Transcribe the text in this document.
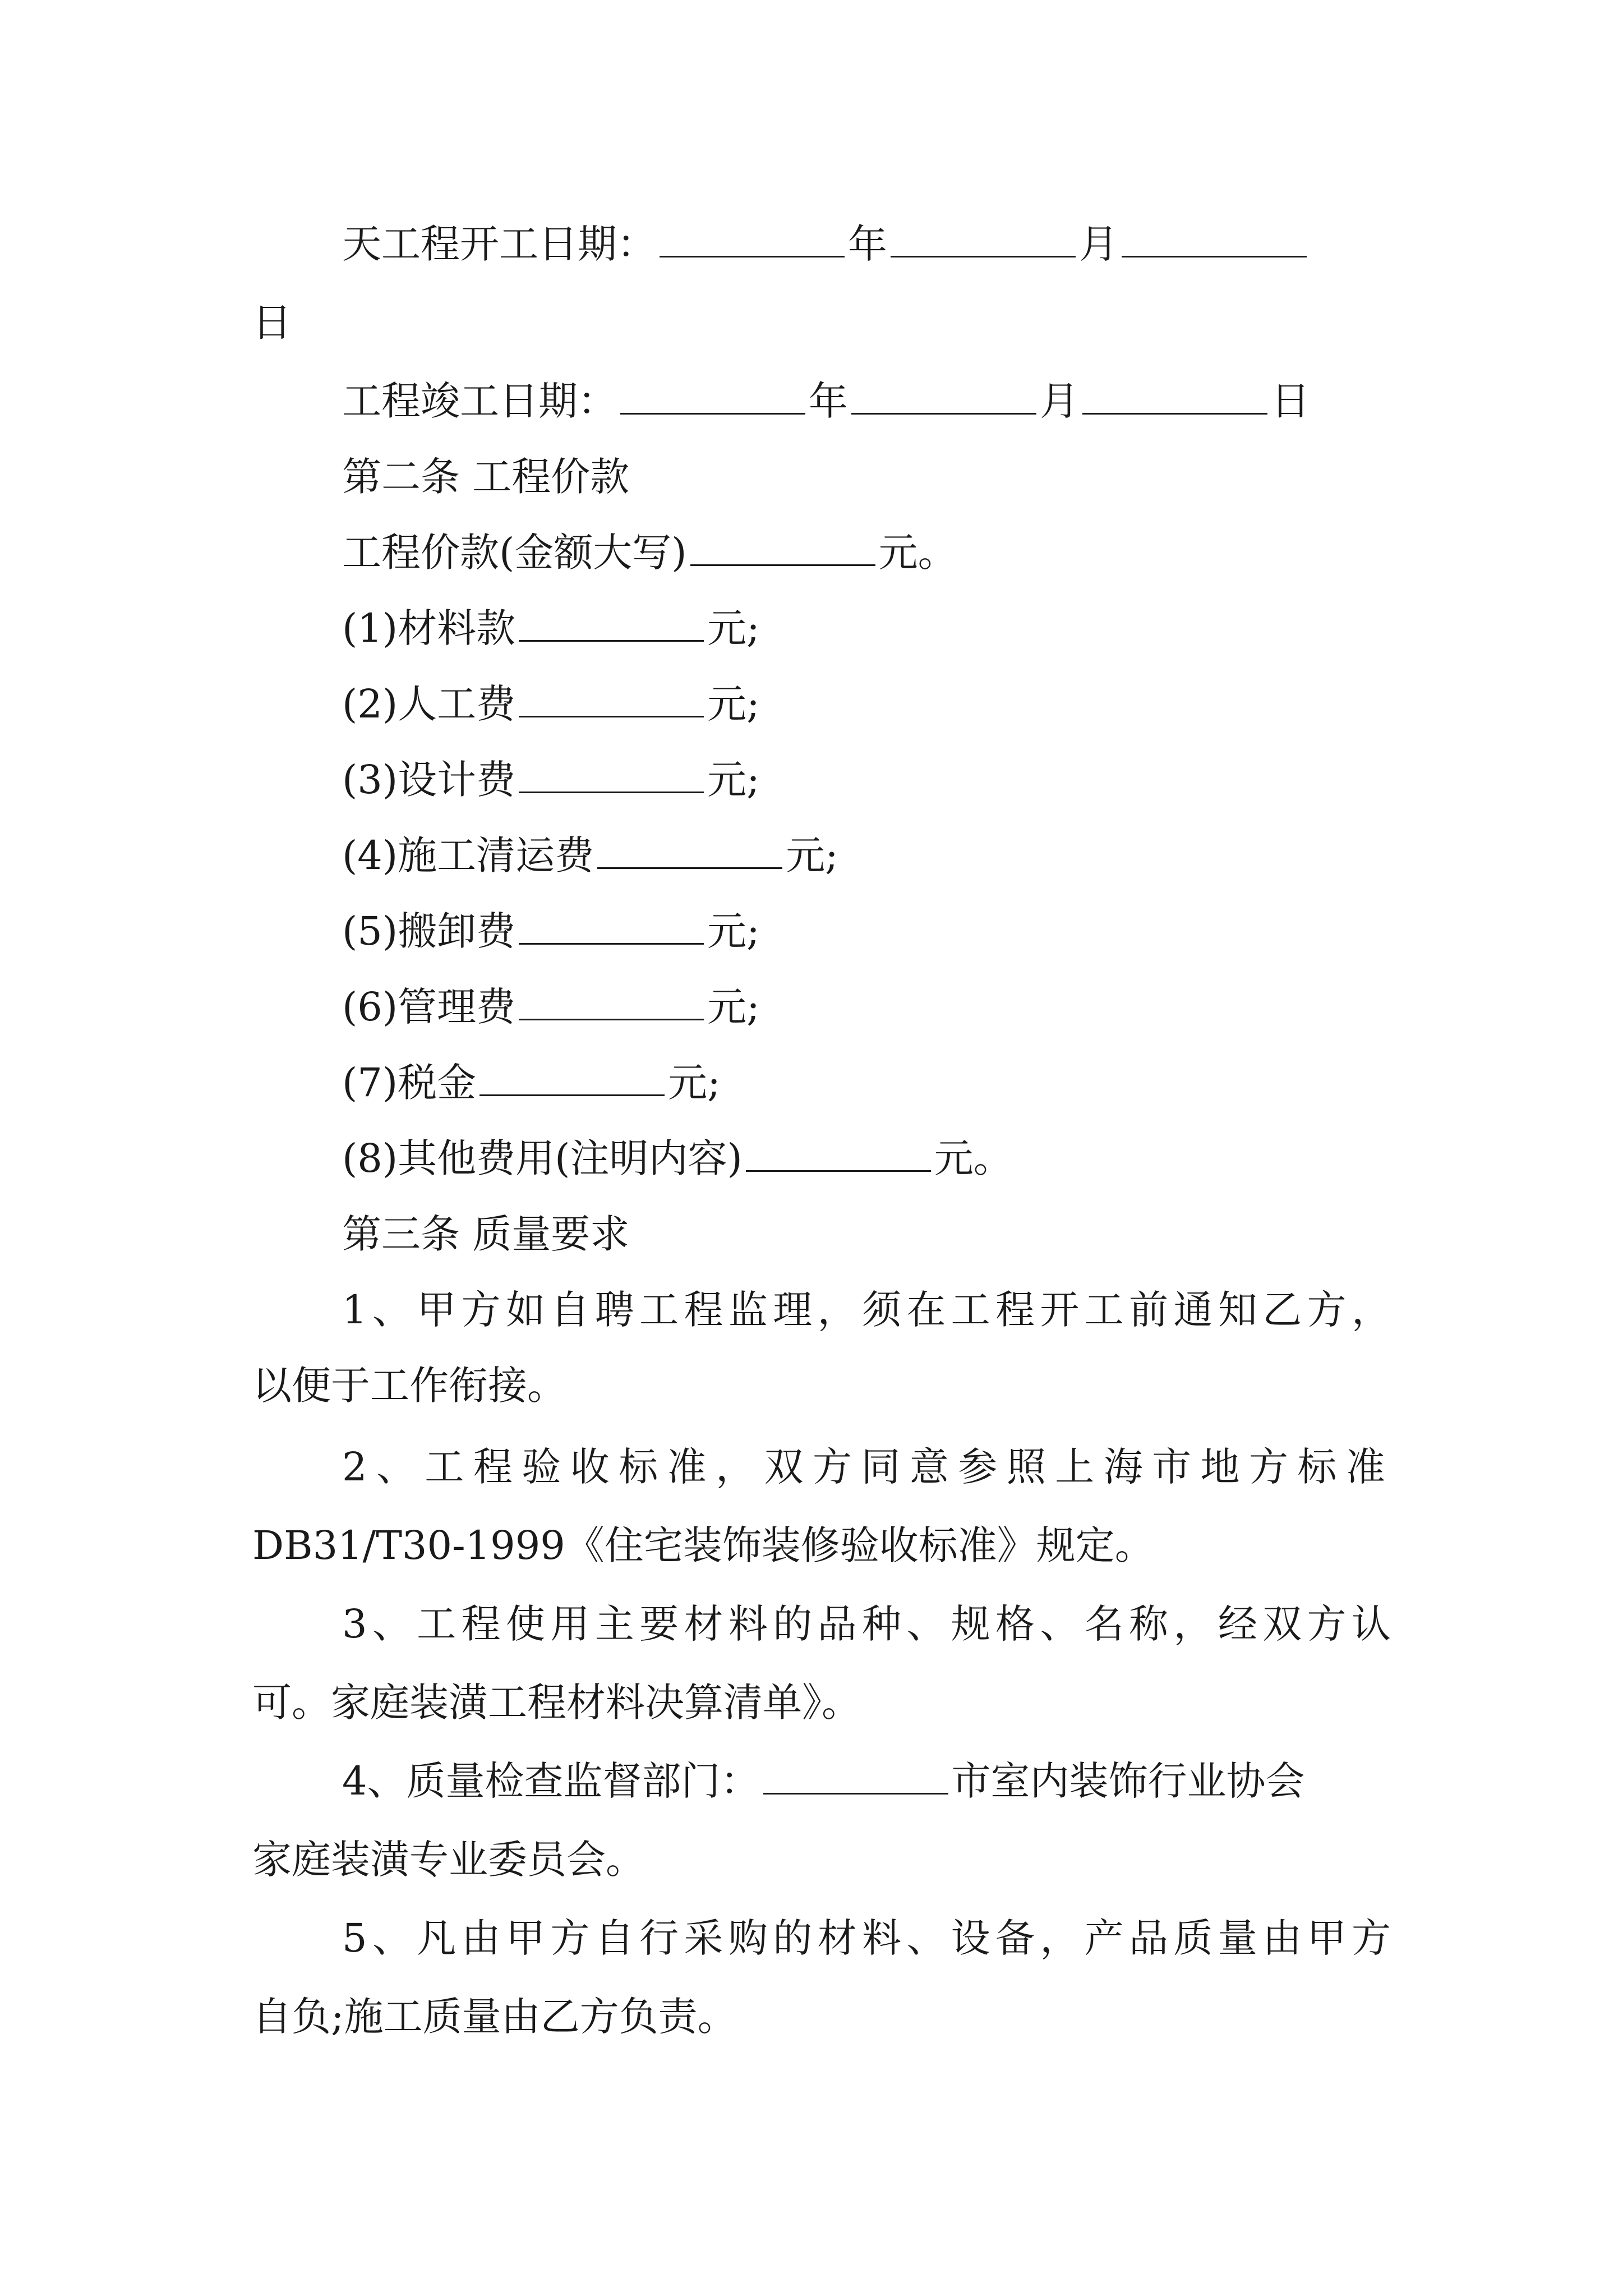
天工程开工日期：	年	月
日
工程竣工日期：	年	月	日
第二条 工程价款
工程价款(金额大写)	元。
(1)材料款	元;
(2)人工费	元;
(3)设计费	元;
(4)施工清运费	元;
(5)搬卸费	元;
(6)管理费	元;
(7)税金	元;
(8)其他费用(注明内容)	元。
第三条 质量要求
1、甲方如自聘工程监理，须在工程开工前通知乙方，
以便于工作衔接。
2、工程验收标准，双方同意参照上海市地方标准
DB31/T30-1999《住宅装饰装修验收标准》规定。
3、工程使用主要材料的品种、规格、名称，经双方认
可。家庭装潢工程材料决算清单》。
4、质量检查监督部门：	市室内装饰行业协会
家庭装潢专业委员会。
5、凡由甲方自行采购的材料、设备，产品质量由甲方
自负;施工质量由乙方负责。
